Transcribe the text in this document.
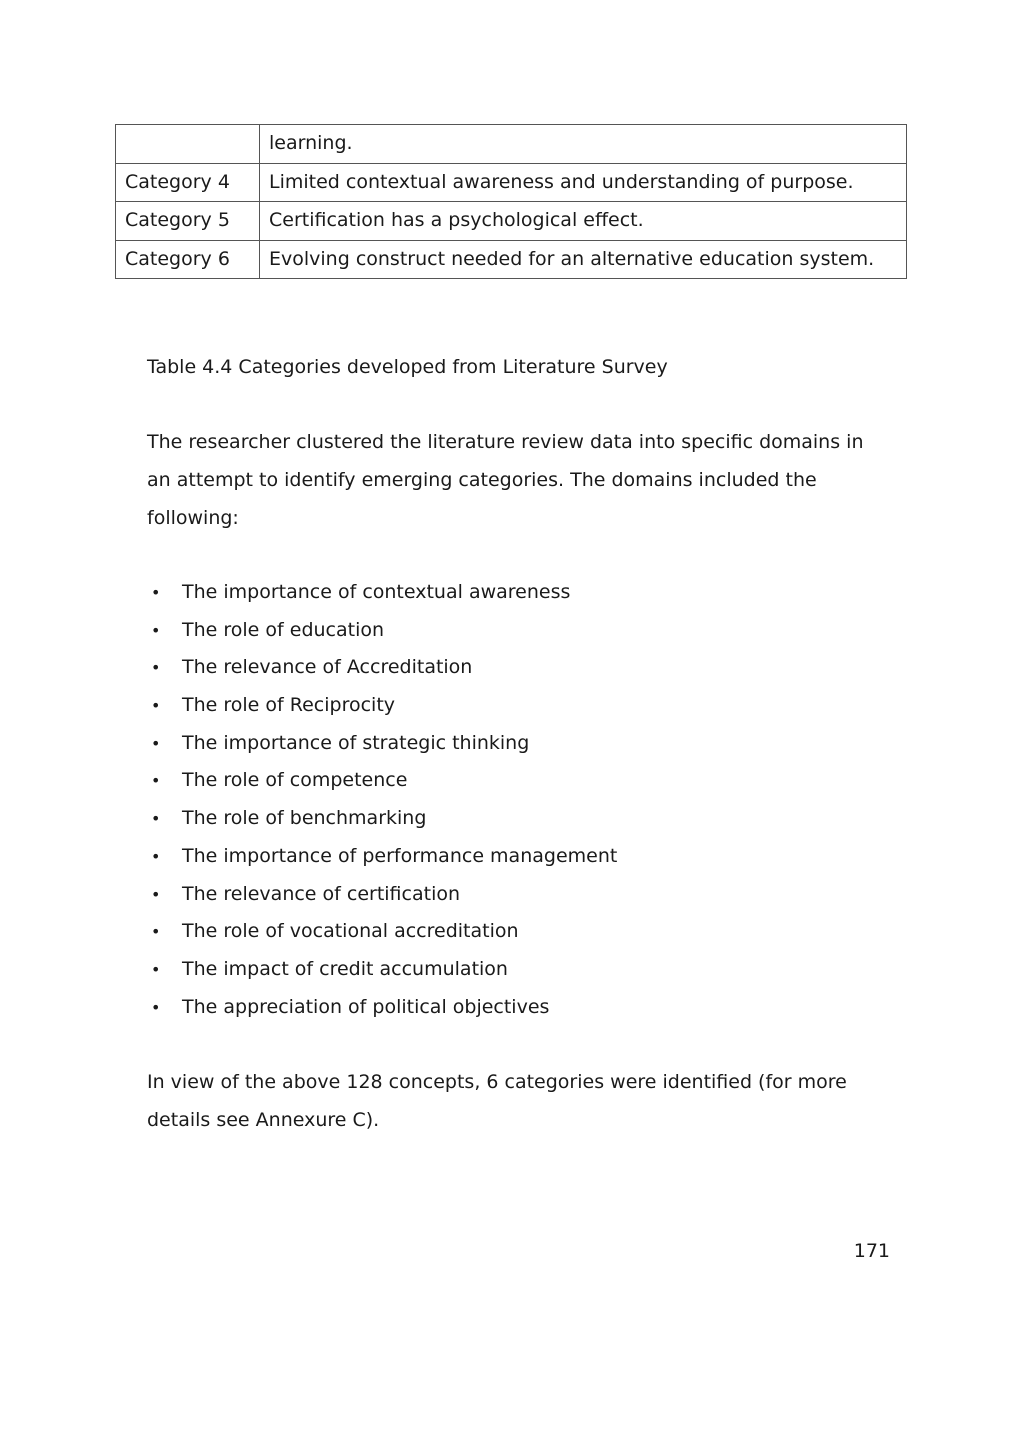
	learning.
Category 4	Limited contextual awareness and understanding of purpose.
Category 5	Certification has a psychological effect.
Category 6	Evolving construct needed for an alternative education system.
Table 4.4 Categories developed from Literature Survey

The researcher clustered the literature review data into specific domains in an attempt to identify emerging categories. The domains included the following:

• The importance of contextual awareness
• The role of education
• The relevance of Accreditation
• The role of Reciprocity
• The importance of strategic thinking
• The role of competence
• The role of benchmarking
• The importance of performance management
• The relevance of certification
• The role of vocational accreditation
• The impact of credit accumulation
• The appreciation of political objectives

In view of the above 128 concepts, 6 categories were identified (for more details see Annexure C).

171
